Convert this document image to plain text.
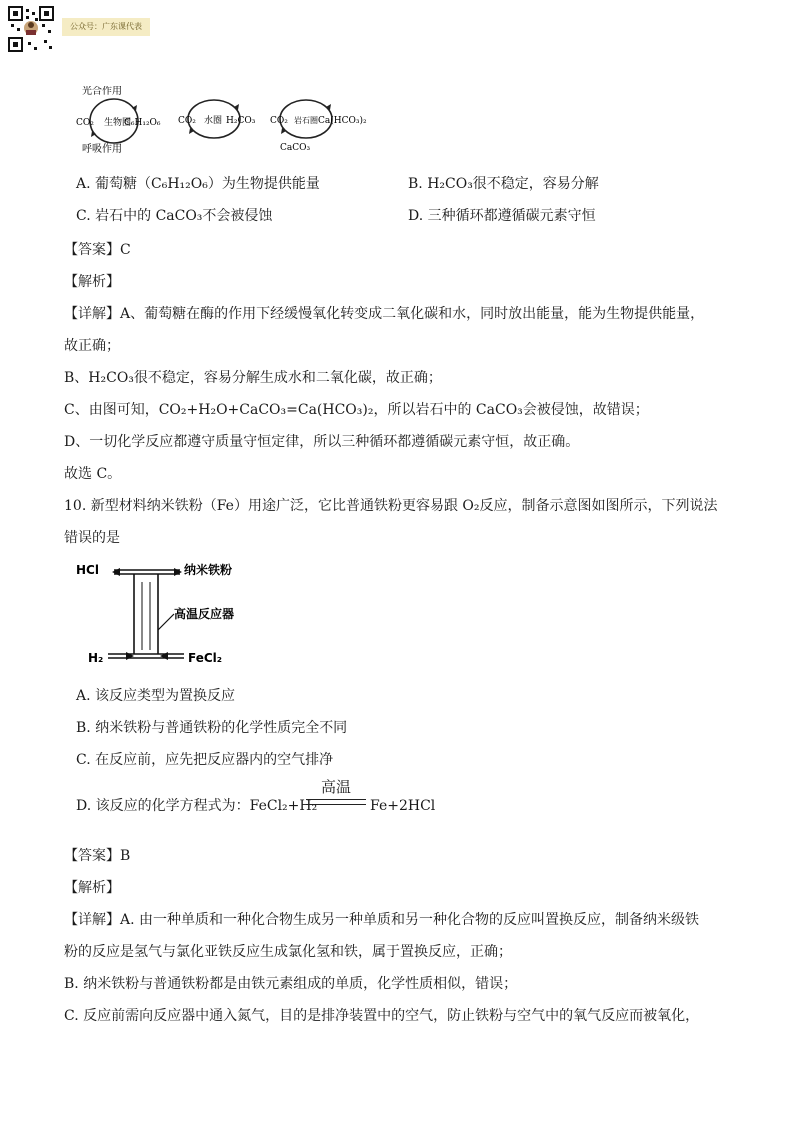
公众号：广东课代表
光合作用
呼吸作用
CO₂	C₆H₁₂O₆
生物圈	CO₂	H₂CO₃
水圈	CO₂	Ca(HCO₃)₂
岩石圈
CaCO₃
A. 葡萄糖（C₆H₁₂O₆）为生物提供能量	B. H₂CO₃很不稳定，容易分解
C. 岩石中的 CaCO₃不会被侵蚀	D. 三种循环都遵循碳元素守恒
【答案】C
【解析】
【详解】A、葡萄糖在酶的作用下经缓慢氧化转变成二氧化碳和水，同时放出能量，能为生物提供能量，
故正确；
B、H₂CO₃很不稳定，容易分解生成水和二氧化碳，故正确；
C、由图可知，CO₂+H₂O+CaCO₃=Ca(HCO₃)₂，所以岩石中的 CaCO₃会被侵蚀，故错误；
D、一切化学反应都遵守质量守恒定律，所以三种循环都遵循碳元素守恒，故正确。
故选 C。
10. 新型材料纳米铁粉（Fe）用途广泛，它比普通铁粉更容易跟 O₂反应，制备示意图如图所示，下列说法
错误的是
HCl	纳米铁粉
高温反应器
H₂	FeCl₂
A. 该反应类型为置换反应
B. 纳米铁粉与普通铁粉的化学性质完全不同
C. 在反应前，应先把反应器内的空气排净
D. 该反应的化学方程式为：FeCl₂+H₂
高温
Fe+2HCl
【答案】B
【解析】
【详解】A. 由一种单质和一种化合物生成另一种单质和另一种化合物的反应叫置换反应，制备纳米级铁
粉的反应是氢气与氯化亚铁反应生成氯化氢和铁，属于置换反应，正确；
B. 纳米铁粉与普通铁粉都是由铁元素组成的单质，化学性质相似，错误；
C. 反应前需向反应器中通入氮气，目的是排净装置中的空气，防止铁粉与空气中的氧气反应而被氧化，
